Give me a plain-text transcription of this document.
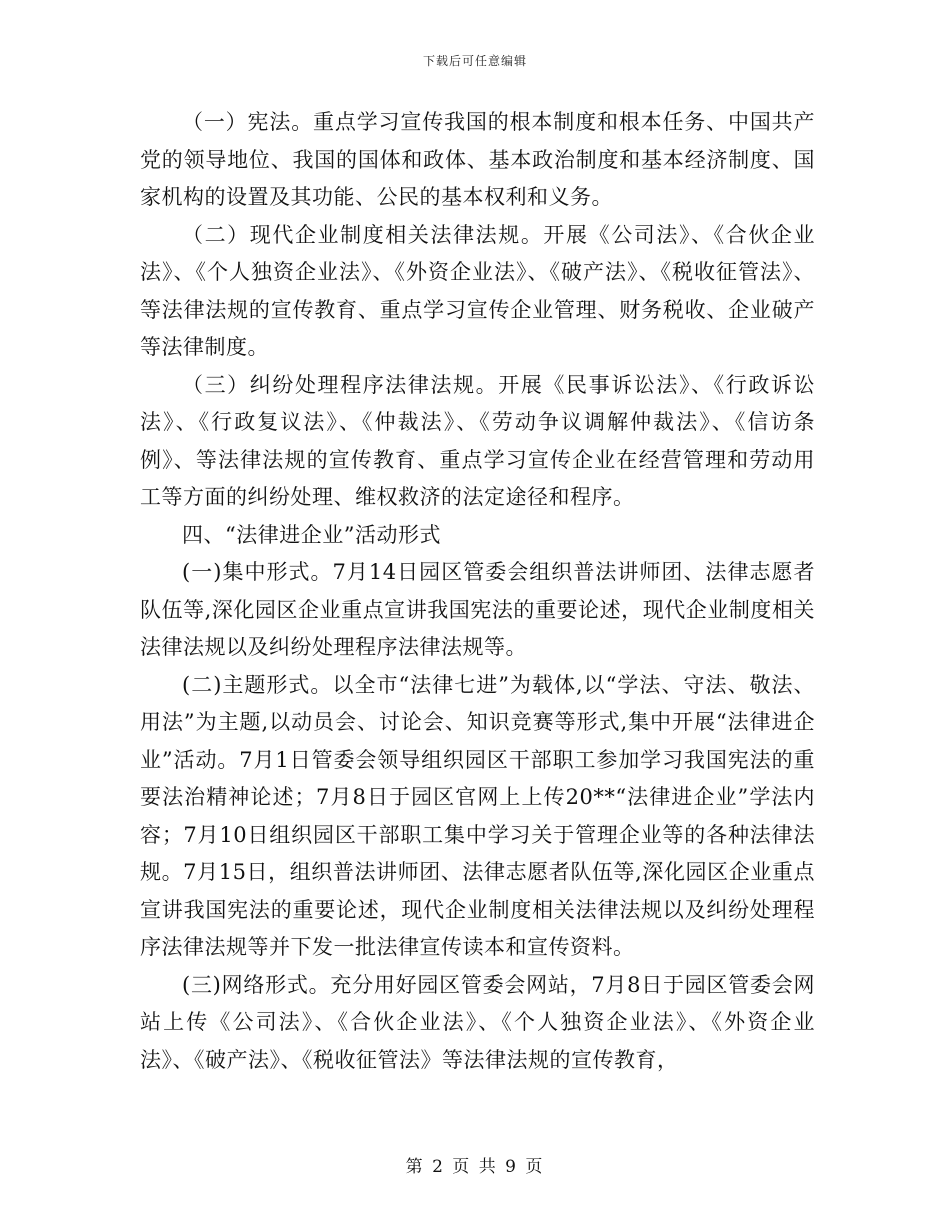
下载后可任意编辑

（一）宪法。重点学习宣传我国的根本制度和根本任务、中国共产党的领导地位、我国的国体和政体、基本政治制度和基本经济制度、国家机构的设置及其功能、公民的基本权利和义务。

（二）现代企业制度相关法律法规。开展《公司法》、《合伙企业法》、《个人独资企业法》、《外资企业法》、《破产法》、《税收征管法》、等法律法规的宣传教育、重点学习宣传企业管理、财务税收、企业破产等法律制度。

（三）纠纷处理程序法律法规。开展《民事诉讼法》、《行政诉讼法》、《行政复议法》、《仲裁法》、《劳动争议调解仲裁法》、《信访条例》、等法律法规的宣传教育、重点学习宣传企业在经营管理和劳动用工等方面的纠纷处理、维权救济的法定途径和程序。

四、“法律进企业”活动形式

(一)集中形式。7月14日园区管委会组织普法讲师团、法律志愿者队伍等,深化园区企业重点宣讲我国宪法的重要论述，现代企业制度相关法律法规以及纠纷处理程序法律法规等。

(二)主题形式。以全市“法律七进”为载体,以“学法、守法、敬法、用法”为主题,以动员会、讨论会、知识竞赛等形式,集中开展“法律进企业”活动。7月1日管委会领导组织园区干部职工参加学习我国宪法的重要法治精神论述；7月8日于园区官网上上传20**“法律进企业”学法内容；7月10日组织园区干部职工集中学习关于管理企业等的各种法律法规。7月15日，组织普法讲师团、法律志愿者队伍等,深化园区企业重点宣讲我国宪法的重要论述，现代企业制度相关法律法规以及纠纷处理程序法律法规等并下发一批法律宣传读本和宣传资料。

(三)网络形式。充分用好园区管委会网站，7月8日于园区管委会网站上传《公司法》、《合伙企业法》、《个人独资企业法》、《外资企业法》、《破产法》、《税收征管法》等法律法规的宣传教育，

第 2 页 共 9 页
